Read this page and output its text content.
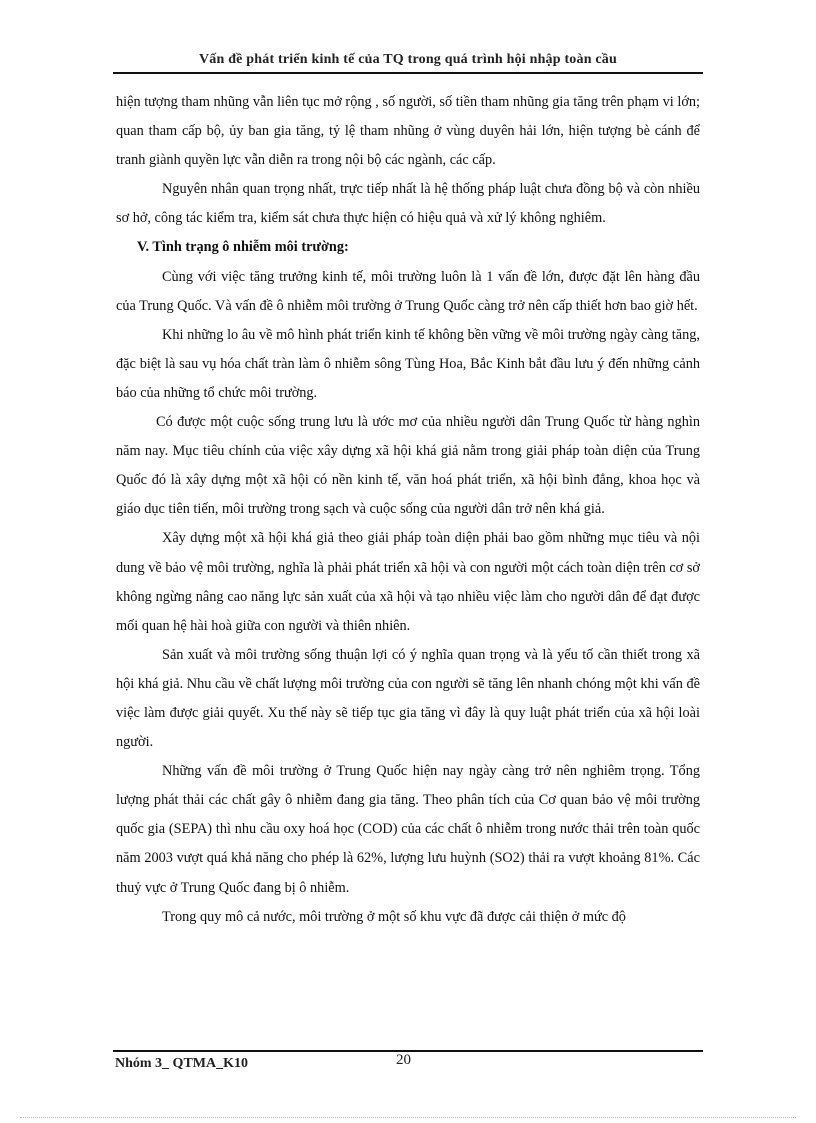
Vấn đề phát triển kinh tế của TQ trong quá trình hội nhập toàn cầu

hiện tượng tham nhũng vẫn liên tục mở rộng , số người, số tiền tham nhũng gia tăng trên phạm vi lớn; quan tham cấp bộ, ủy ban gia tăng, tỷ lệ tham nhũng ở vùng duyên hải lớn, hiện tượng bè cánh để tranh giành quyền lực vẫn diễn ra trong nội bộ các ngành, các cấp.

Nguyên nhân quan trọng nhất, trực tiếp nhất là hệ thống pháp luật chưa đồng bộ và còn nhiều sơ hở, công tác kiểm tra, kiểm sát chưa thực hiện có hiệu quả và xử lý không nghiêm.

V. Tình trạng ô nhiễm môi trường:

Cùng với việc tăng trưởng kinh tế, môi trường luôn là 1 vấn đề lớn, được đặt lên hàng đầu của Trung Quốc. Và vấn đề ô nhiễm môi trường ở Trung Quốc càng trở nên cấp thiết hơn bao giờ hết.

Khi những lo âu về mô hình phát triển kinh tế không bền vững về môi trường ngày càng tăng, đặc biệt là sau vụ hóa chất tràn làm ô nhiễm sông Tùng Hoa, Bắc Kinh bắt đầu lưu ý đến những cảnh báo của những tổ chức môi trường.

Có được một cuộc sống trung lưu là ước mơ của nhiều người dân Trung Quốc từ hàng nghìn năm nay. Mục tiêu chính của việc xây dựng xã hội khá giả nằm trong giải pháp toàn diện của Trung Quốc đó là xây dựng một xã hội có nền kinh tế, văn hoá phát triển, xã hội bình đẳng, khoa học và giáo dục tiên tiến, môi trường trong sạch và cuộc sống của người dân trở nên khá giả.

Xây dựng một xã hội khá giả theo giải pháp toàn diện phải bao gồm những mục tiêu và nội dung về bảo vệ môi trường, nghĩa là phải phát triển xã hội và con người một cách toàn diện trên cơ sở không ngừng nâng cao năng lực sản xuất của xã hội và tạo nhiều việc làm cho người dân để đạt được mối quan hệ hài hoà giữa con người và thiên nhiên.

Sản xuất và môi trường sống thuận lợi có ý nghĩa quan trọng và là yếu tố cần thiết trong xã hội khá giả. Nhu cầu về chất lượng môi trường của con người sẽ tăng lên nhanh chóng một khi vấn đề việc làm được giải quyết. Xu thế này sẽ tiếp tục gia tăng vì đây là quy luật phát triển của xã hội loài người.

Những vấn đề môi trường ở Trung Quốc hiện nay ngày càng trở nên nghiêm trọng. Tổng lượng phát thải các chất gây ô nhiễm đang gia tăng. Theo phân tích của Cơ quan bảo vệ môi trường quốc gia (SEPA) thì nhu cầu oxy hoá học (COD) của các chất ô nhiễm trong nước thải trên toàn quốc năm 2003 vượt quá khả năng cho phép là 62%, lượng lưu huỳnh (SO2) thải ra vượt khoảng 81%. Các thuỷ vực ở Trung Quốc đang bị ô nhiễm.

Trong quy mô cả nước, môi trường ở một số khu vực đã được cải thiện ở mức độ

Nhóm 3_ QTMA_K10	20
